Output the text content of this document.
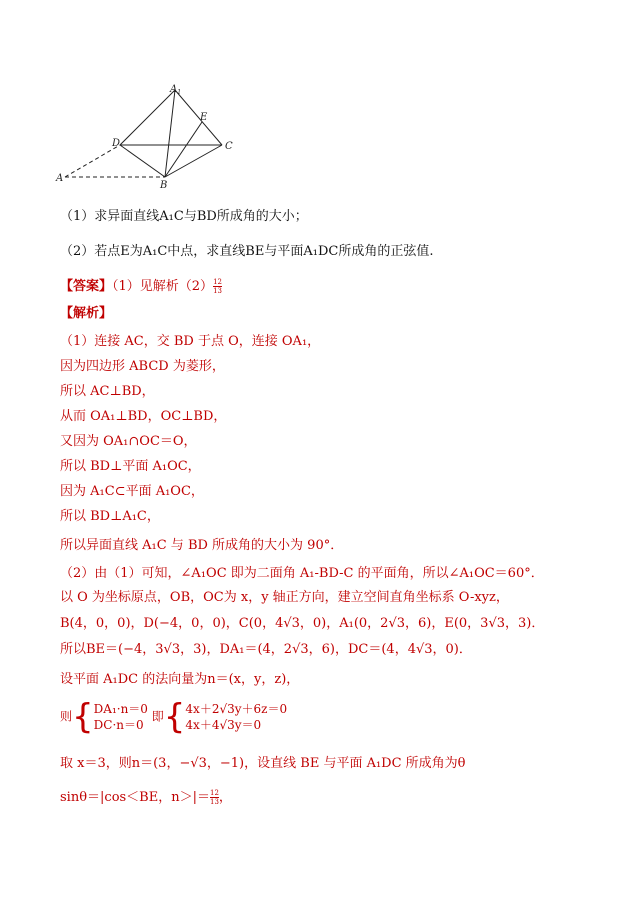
$A_1$
E
D	C
A
B
（1）求异面直线A₁C与BD所成角的大小；
（2）若点E为A₁C中点，求直线BE与平面A₁DC所成角的正弦值.
【答案】（1）见解析$(2) \frac{12}{13}$
【解析】
（1）连接 AC，交 BD 于点 O，连接 OA₁，
因为四边形 ABCD 为菱形，
所以 AC⊥BD，
从而 OA₁⊥BD，OC⊥BD，
又因为 OA₁∩OC＝O，
所以 BD⊥平面 A₁OC，
因为 A₁C⊂平面 A₁OC，
所以 BD⊥A₁C，
所以异面直线 A₁C 与 BD 所成角的大小为 90°．
（2）由（1）可知，∠A₁OC 即为二面角 A₁-BD-C 的平面角，所以∠A₁OC＝60°．
以 O 为坐标原点，OB，OC为 x，y 轴正方向，建立空间直角坐标系 O-xyz，
B(4，0，0)，D(−4，0，0)，C(0，4√3，0)，A₁(0，2√3，6)，E(0，3√3，3)．
所以BE＝(−4，3√3，3)，DA₁＝(4，2√3，6)，DC＝(4，4√3，0)．
设平面 A₁DC 的法向量为n＝(x，y，z)，
则{ DA₁·n＝0
DC·n＝0
即{ 4x＋2√3y＋6z＝0
4x＋4√3y＝0
取 x＝3，则n＝(3，−√3，−1)，设直线 BE 与平面 A₁DC 所成角为θ
sinθ＝|cos＜BE，$n>|= \frac{12}{13}$ ，
